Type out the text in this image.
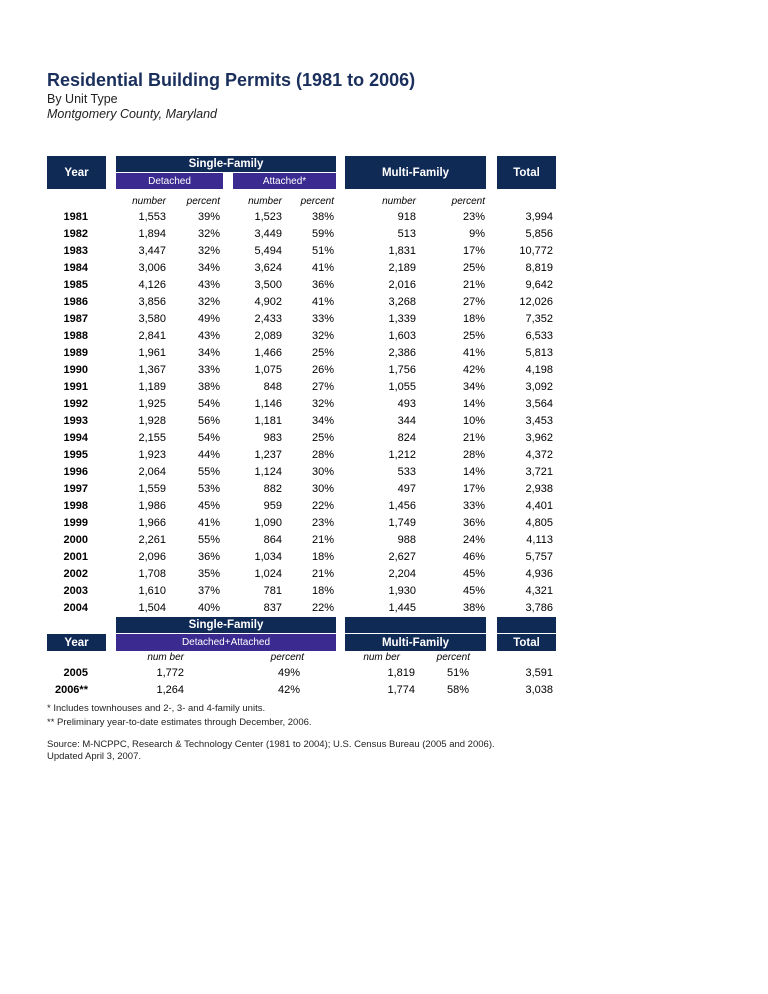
Residential Building Permits (1981 to 2006)
By Unit Type
Montgomery County, Maryland
Year
Single-Family
Detached	Attached*
Multi-Family	Total
number	percent	number	percent	number	percent
1981	1,553	39%	1,523	38%	918	23%	3,994
1982	1,894	32%	3,449	59%	513	9%	5,856
1983	3,447	32%	5,494	51%	1,831	17%	10,772
1984	3,006	34%	3,624	41%	2,189	25%	8,819
1985	4,126	43%	3,500	36%	2,016	21%	9,642
1986	3,856	32%	4,902	41%	3,268	27%	12,026
1987	3,580	49%	2,433	33%	1,339	18%	7,352
1988	2,841	43%	2,089	32%	1,603	25%	6,533
1989	1,961	34%	1,466	25%	2,386	41%	5,813
1990	1,367	33%	1,075	26%	1,756	42%	4,198
1991	1,189	38%	848	27%	1,055	34%	3,092
1992	1,925	54%	1,146	32%	493	14%	3,564
1993	1,928	56%	1,181	34%	344	10%	3,453
1994	2,155	54%	983	25%	824	21%	3,962
1995	1,923	44%	1,237	28%	1,212	28%	4,372
1996	2,064	55%	1,124	30%	533	14%	3,721
1997	1,559	53%	882	30%	497	17%	2,938
1998	1,986	45%	959	22%	1,456	33%	4,401
1999	1,966	41%	1,090	23%	1,749	36%	4,805
2000	2,261	55%	864	21%	988	24%	4,113
2001	2,096	36%	1,034	18%	2,627	46%	5,757
2002	1,708	35%	1,024	21%	2,204	45%	4,936
2003	1,610	37%	781	18%	1,930	45%	4,321
2004	1,504	40%	837	22%	1,445	38%	3,786
Single-Family
Year	Detached+Attached	Multi-Family	Total
num ber	percent	num ber	percent
2005	1,772	49%	1,819	51%	3,591
2006**	1,264	42%	1,774	58%	3,038
* Includes townhouses and 2-, 3- and 4-family units.
** Preliminary year-to-date estimates through December, 2006.
Source: M-NCPPC, Research & Technology Center (1981 to 2004); U.S. Census Bureau (2005 and 2006).
Updated April 3, 2007.
